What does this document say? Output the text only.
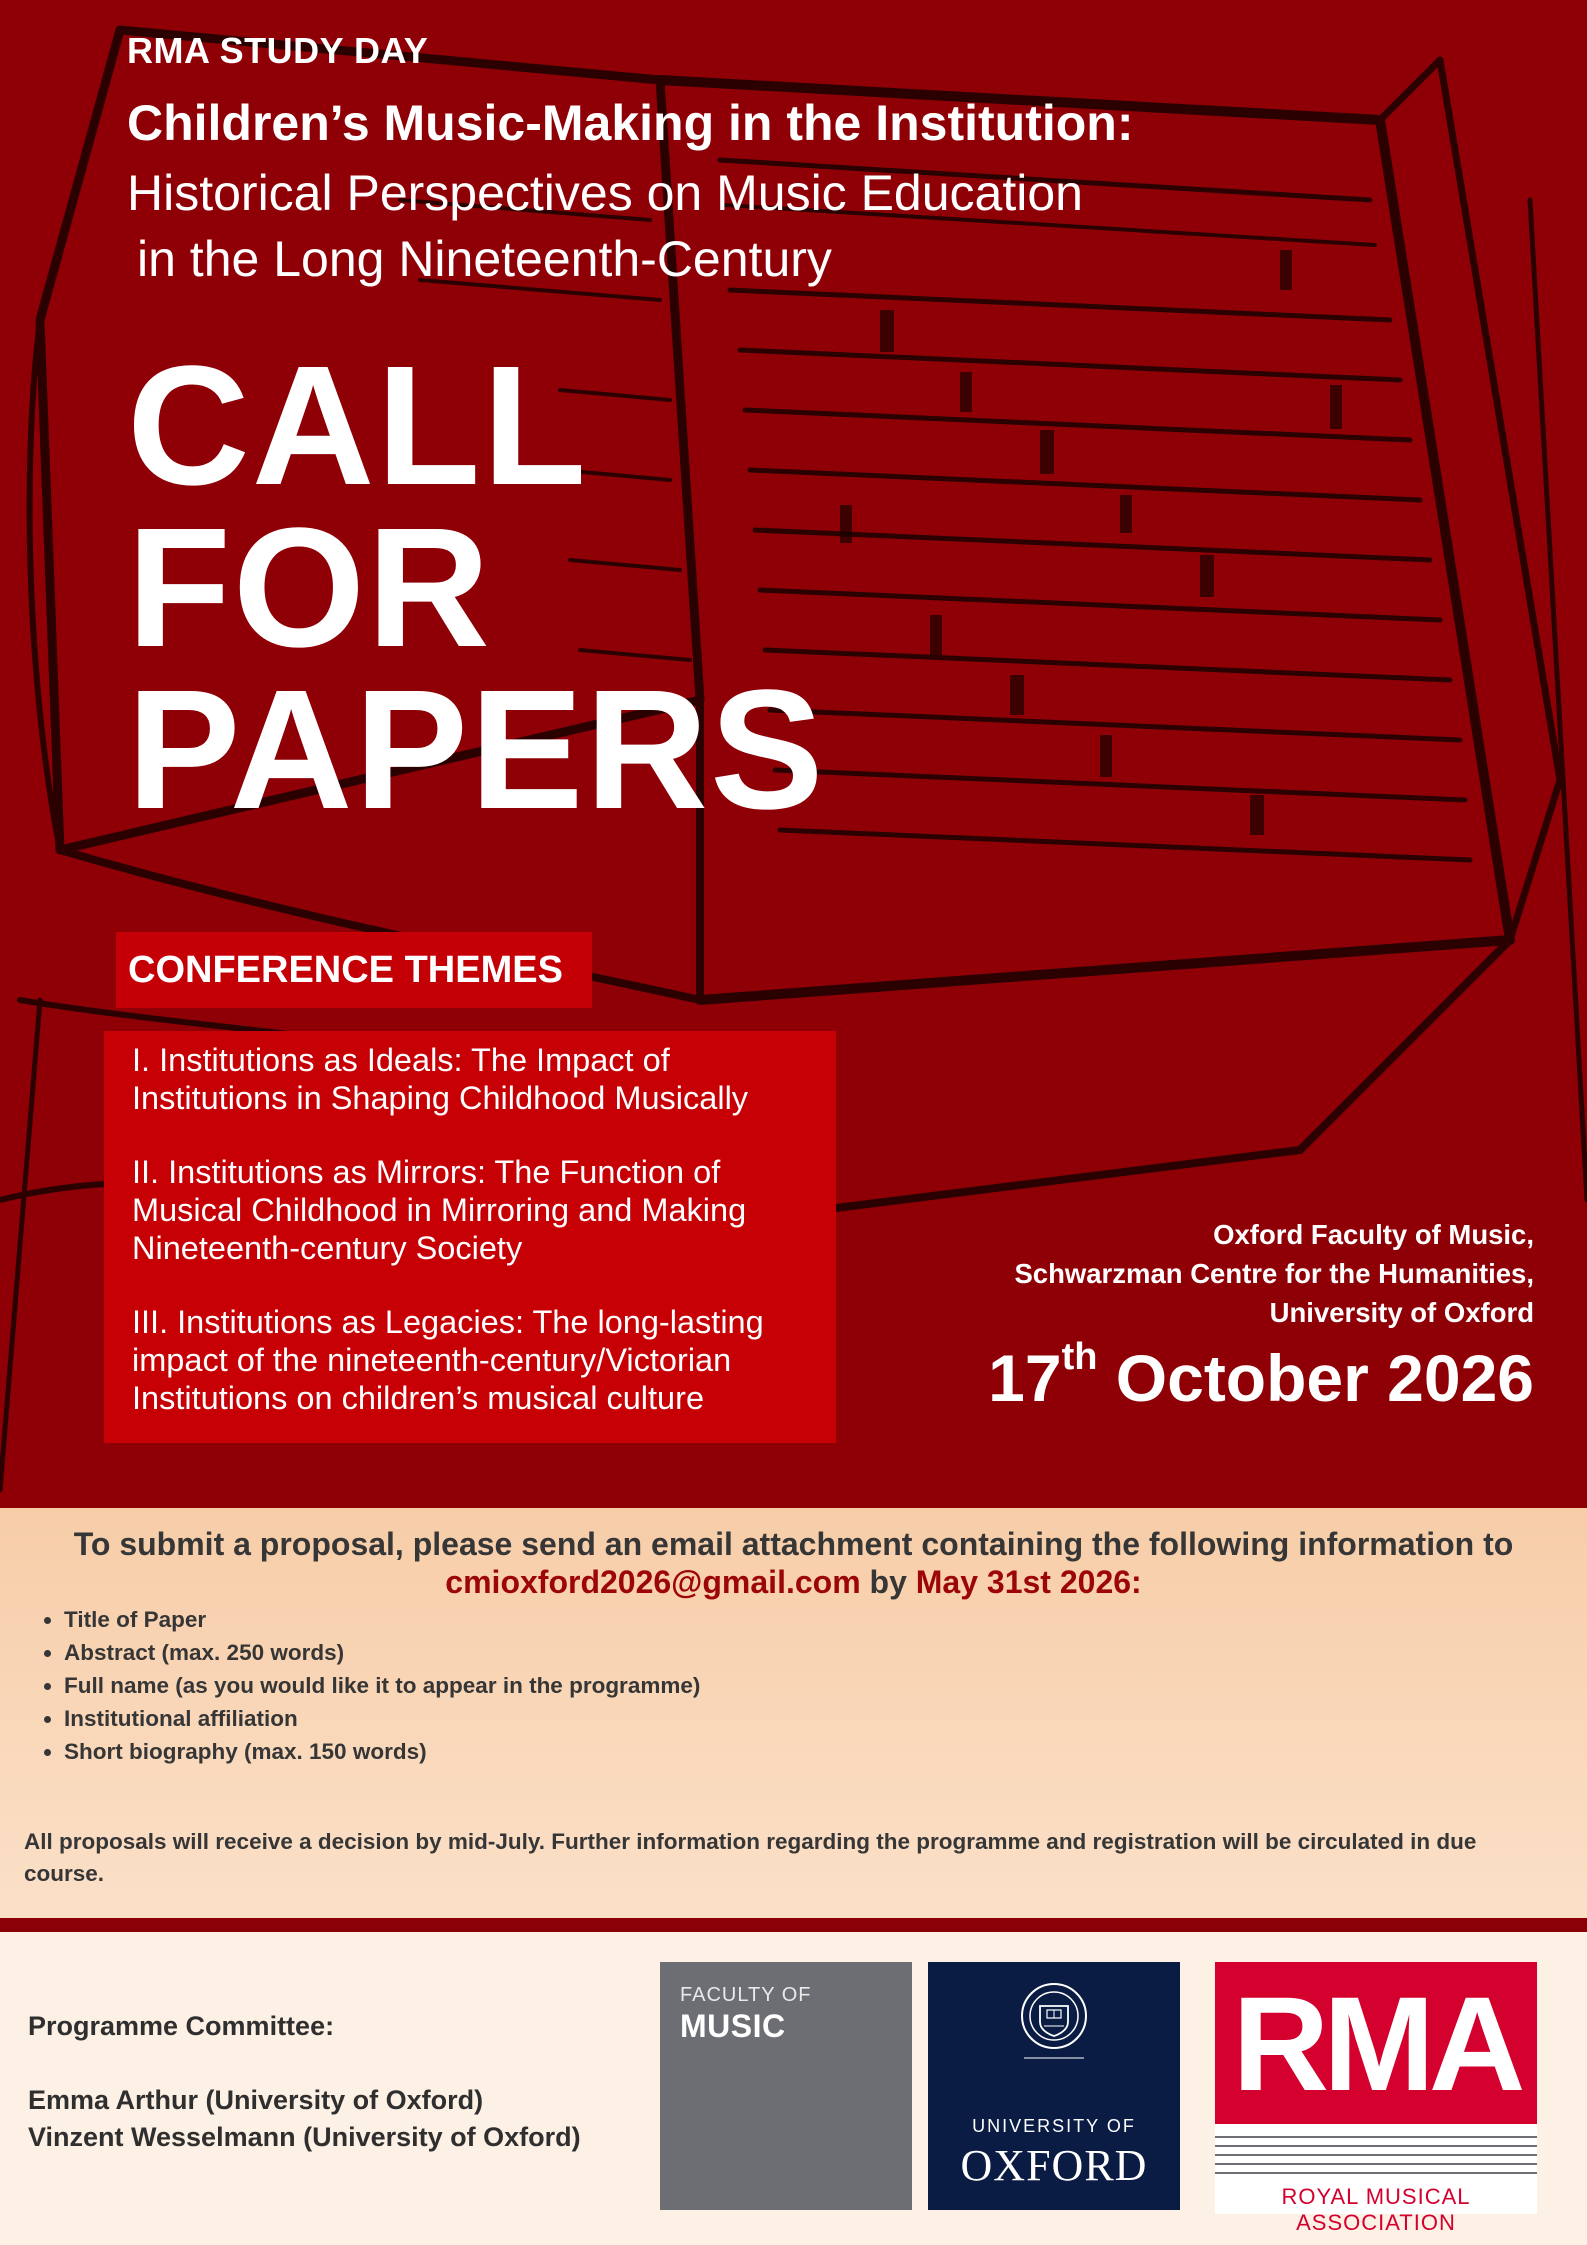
RMA STUDY DAY
Children’s Music-Making in the Institution:
Historical Perspectives on Music Education
in the Long Nineteenth-Century
CALL
FOR
PAPERS
CONFERENCE THEMES

I. Institutions as Ideals: The Impact of Institutions in Shaping Childhood Musically

II. Institutions as Mirrors: The Function of Musical Childhood in Mirroring and Making Nineteenth-century Society

III. Institutions as Legacies: The long-lasting impact of the nineteenth-century/Victorian Institutions on children’s musical culture

Oxford Faculty of Music,
Schwarzman Centre for the Humanities,
University of Oxford
17th October 2026
To submit a proposal, please send an email attachment containing the following information to
cmioxford2026@gmail.com by May 31st 2026:
• Title of Paper
• Abstract (max. 250 words)
• Full name (as you would like it to appear in the programme)
• Institutional affiliation
• Short biography (max. 150 words)
All proposals will receive a decision by mid-July. Further information regarding the programme and registration will be circulated in due course.
Programme Committee:
Emma Arthur (University of Oxford)
Vinzent Wesselmann (University of Oxford)
FACULTY OF
MUSIC
UNIVERSITY OF
OXFORD
RMA
ROYAL MUSICAL ASSOCIATION
